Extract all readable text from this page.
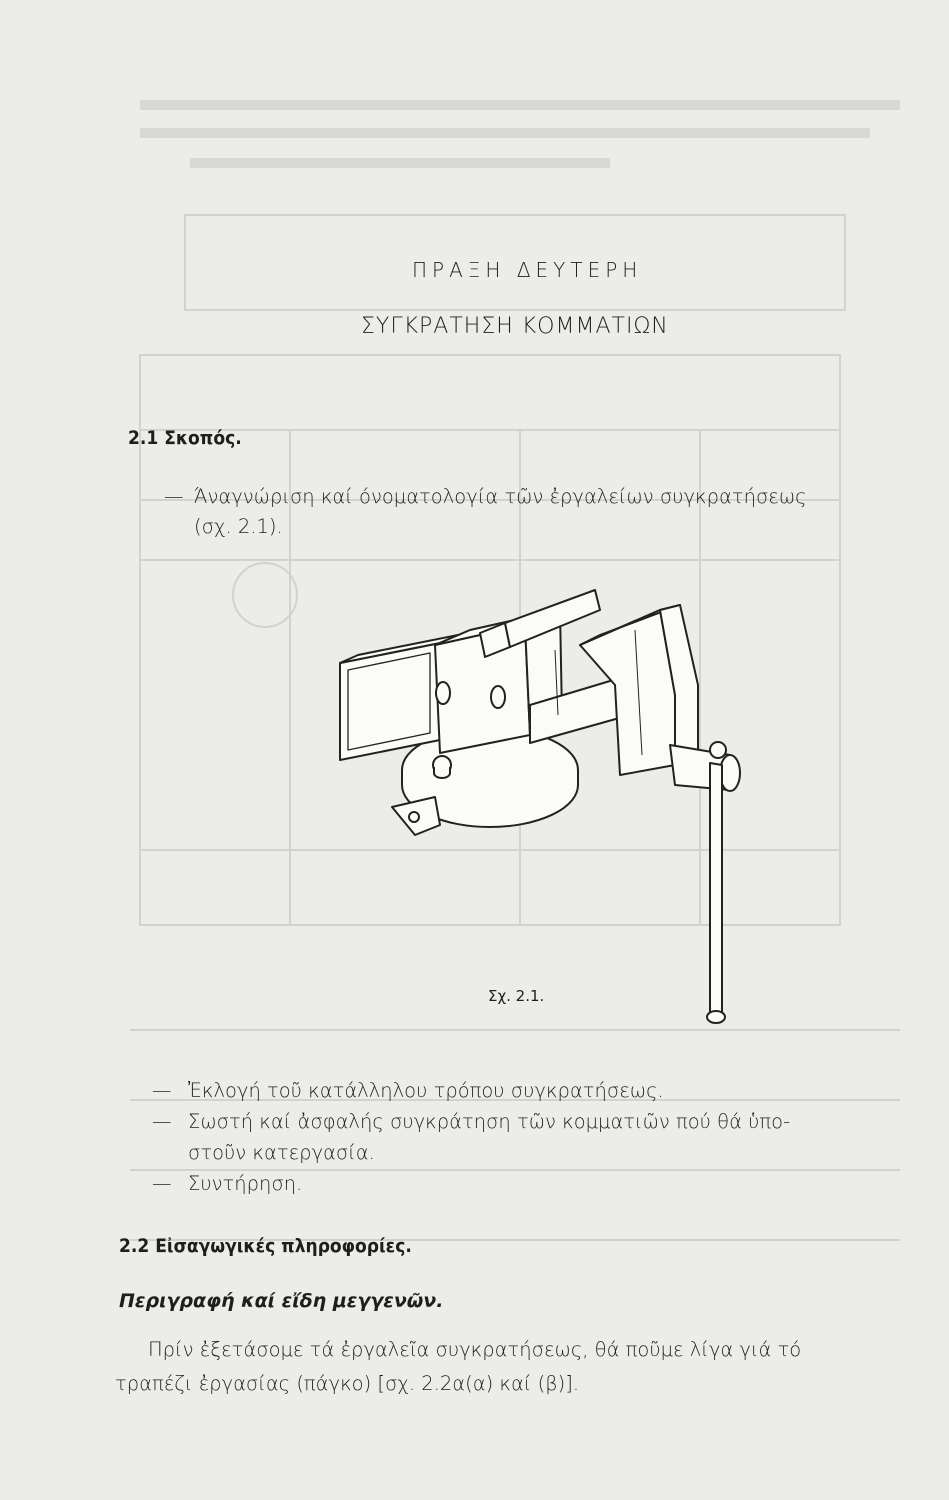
ΠΡΑΞΗ ΔΕΥΤΕΡΗ
ΣΥΓΚΡΑΤΗΣΗ ΚΟΜΜΑΤΙΩΝ
2.1 Σκοπός.
— Άναγνώριση καί όνοματολογία τῶν ἐργαλείων συγκρατήσεως
(σχ. 2.1).
Σχ. 2.1.
— Ἐκλογή τοῦ κατάλληλου τρόπου συγκρατήσεως.
— Σωστή καί ἀσφαλής συγκράτηση τῶν κομματιῶν πού θά ὑπο-
στοῦν κατεργασία.
— Συντήρηση.
2.2 Εἰσαγωγικές πληροφορίες.
Περιγραφή καί εἴδη μεγγενῶν.
Πρίν ἐξετάσομε τά ἐργαλεῖα συγκρατήσεως, θά ποῦμε λίγα γιά τό
τραπέζι ἐργασίας (πάγκο) [σχ. 2.2α(α) καί (β)].
